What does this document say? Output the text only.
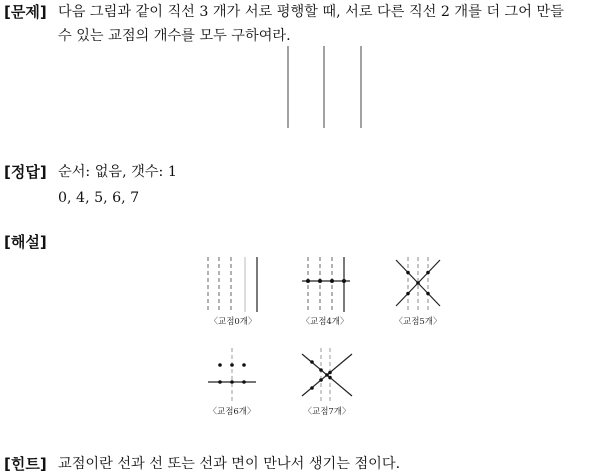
[문제] 다음 그림과 같이 직선 3 개가 서로 평행할 때, 서로 다른 직선 2 개를 더 그어 만들
수 있는 교점의 개수를 모두 구하여라.
[정답] 순서: 없음, 갯수: 1
0, 4, 5, 6, 7
[해설]
〈교점0개〉	〈교점4개〉	〈교점5개〉
〈교점6개〉	〈교점7개〉
[힌트] 교점이란 선과 선 또는 선과 면이 만나서 생기는 점이다.
